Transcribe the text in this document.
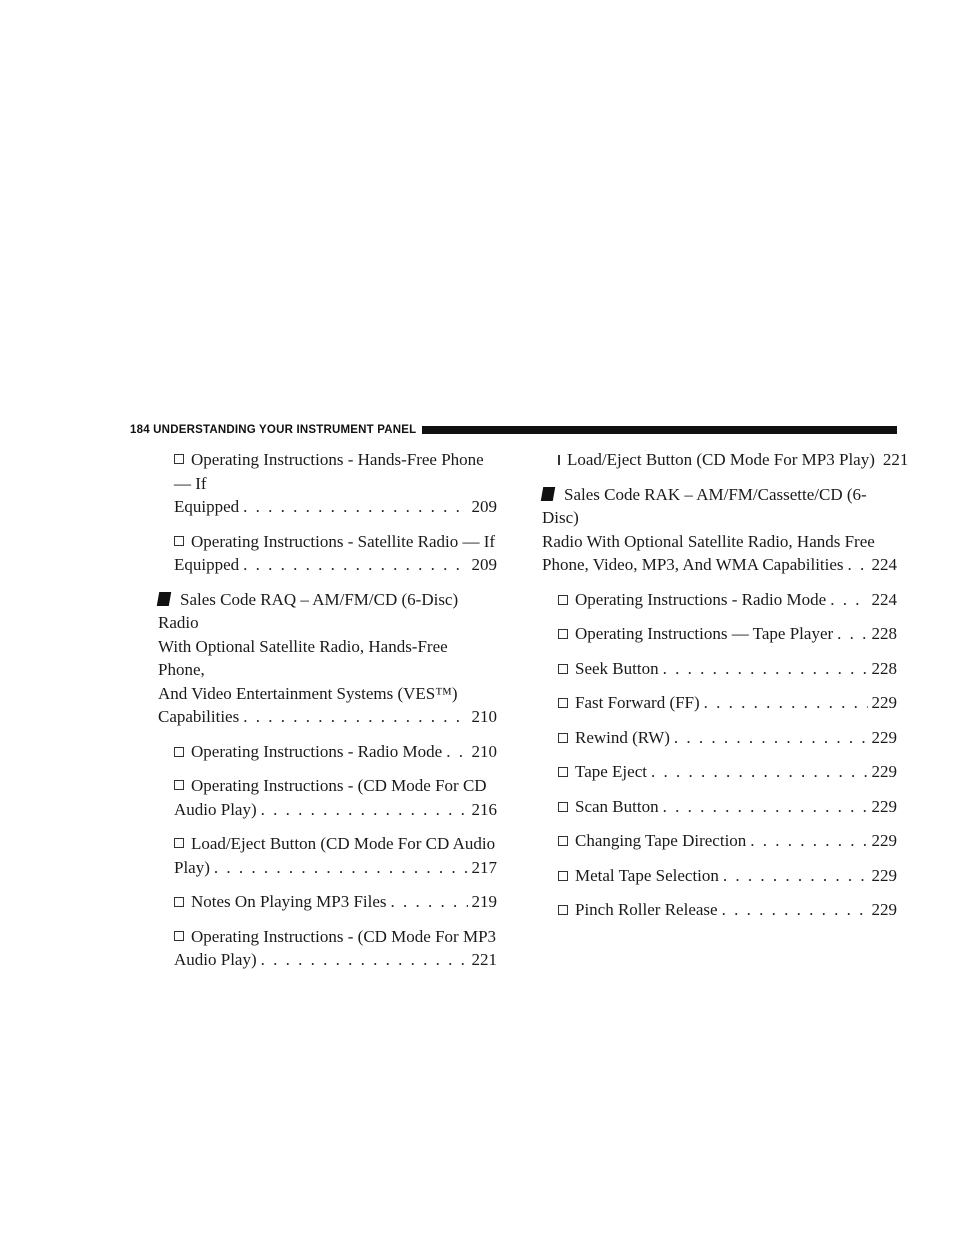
184 UNDERSTANDING YOUR INSTRUMENT PANEL
Operating Instructions - Hands-Free Phone — If
Equipped . . .	209
Operating Instructions - Satellite Radio — If
Equipped . . .	209
Sales Code RAQ – AM/FM/CD (6-Disc) Radio
With Optional Satellite Radio, Hands-Free Phone,
And Video Entertainment Systems (VES™)
Capabilities . . .	210
Operating Instructions - Radio Mode . . . 210
Operating Instructions - (CD Mode For CD
Audio Play) . . .	216
Load/Eject Button (CD Mode For CD Audio
Play) . . .	217
Notes On Playing MP3 Files . . .	219
Operating Instructions - (CD Mode For MP3
Audio Play) . . .	221
Load/Eject Button (CD Mode For MP3 Play) 221
Sales Code RAK – AM/FM/Cassette/CD (6-Disc)
Radio With Optional Satellite Radio, Hands Free
Phone, Video, MP3, And WMA Capabilities . . . 224
Operating Instructions - Radio Mode . . .	224
Operating Instructions — Tape Player . . . 228
Seek Button . . .	228
Fast Forward (FF) . . .	229
Rewind (RW) . . .	229
Tape Eject . . .	229
Scan Button . . .	229
Changing Tape Direction . . .	229
Metal Tape Selection . . .	229
Pinch Roller Release . . .	229
